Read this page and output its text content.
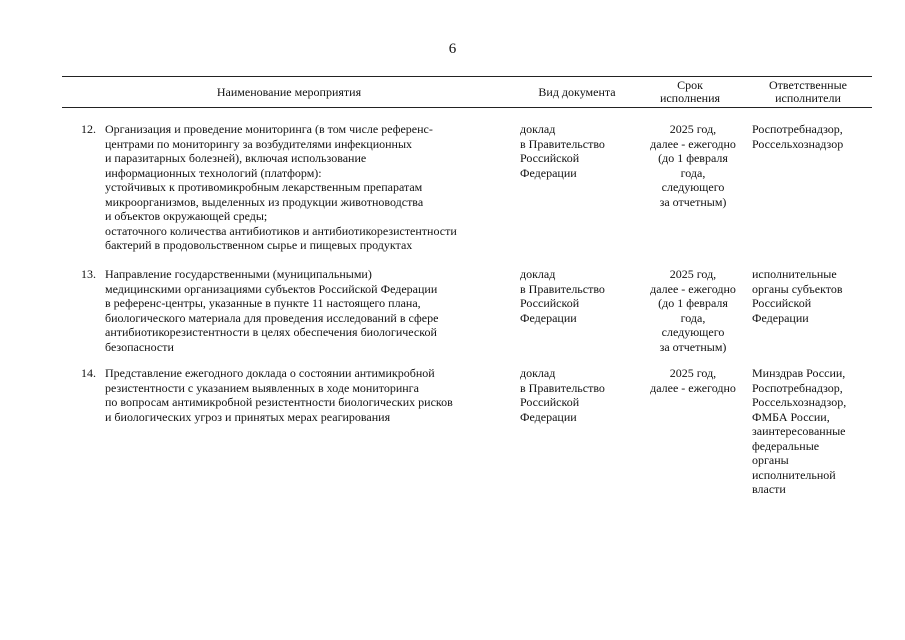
6
Наименование мероприятия	Вид документа	Срок
исполнения
Ответственные
исполнители
12. Организация и проведение мониторинга (в том числе референс-
центрами по мониторингу за возбудителями инфекционных
и паразитарных болезней), включая использование
информационных технологий (платформ):
устойчивых к противомикробным лекарственным препаратам
микроорганизмов, выделенных из продукции животноводства
и объектов окружающей среды;
остаточного количества антибиотиков и антибиотикорезистентности
бактерий в продовольственном сырье и пищевых продуктах
доклад
в Правительство
Российской
Федерации
2025 год,
далее - ежегодно
(до 1 февраля
года,
следующего
за отчетным)
Роспотребнадзор,
Россельхознадзор
13. Направление государственными (муниципальными)
медицинскими организациями субъектов Российской Федерации
в референс-центры, указанные в пункте 11 настоящего плана,
биологического материала для проведения исследований в сфере
антибиотикорезистентности в целях обеспечения биологической
безопасности
доклад
в Правительство
Российской
Федерации
2025 год,
далее - ежегодно
(до 1 февраля
года,
следующего
за отчетным)
исполнительные
органы субъектов
Российской
Федерации
14. Представление ежегодного доклада о состоянии антимикробной
резистентности с указанием выявленных в ходе мониторинга
по вопросам антимикробной резистентности биологических рисков
и биологических угроз и принятых мерах реагирования
доклад
в Правительство
Российской
Федерации
2025 год,
далее - ежегодно
Минздрав России,
Роспотребнадзор,
Россельхознадзор,
ФМБА России,
заинтересованные
федеральные
органы
исполнительной
власти
